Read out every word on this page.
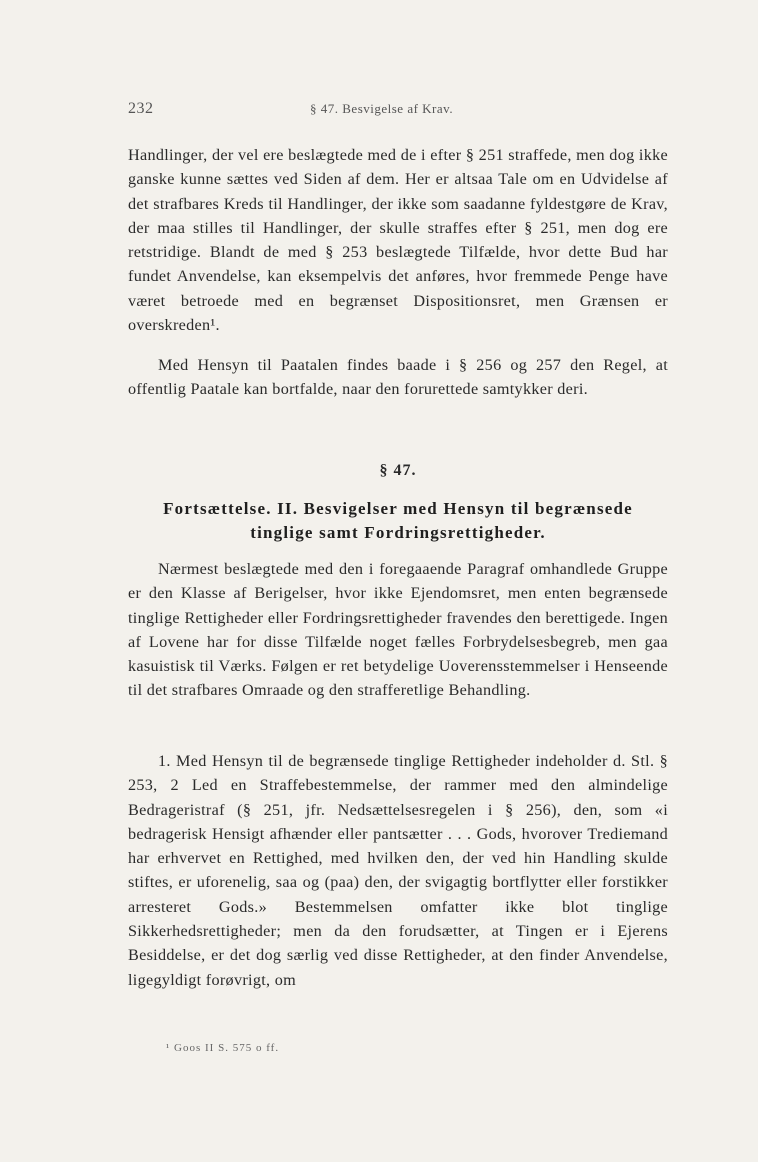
232	§ 47. Besvigelse af Krav.

Handlinger, der vel ere beslægtede med de i efter § 251 straffede, men dog ikke ganske kunne sættes ved Siden af dem. Her er altsaa Tale om en Udvidelse af det strafbares Kreds til Handlinger, der ikke som saadanne fyldestgøre de Krav, der maa stilles til Handlinger, der skulle straffes efter § 251, men dog ere retstridige. Blandt de med § 253 beslægtede Tilfælde, hvor dette Bud har fundet Anvendelse, kan eksempelvis det anføres, hvor fremmede Penge have været betroede med en begrænset Dispositionsret, men Grænsen er overskreden¹.

Med Hensyn til Paatalen findes baade i § 256 og 257 den Regel, at offentlig Paatale kan bortfalde, naar den forurettede samtykker deri.

§ 47.
Fortsættelse. II. Besvigelser med Hensyn til begrænsede
tinglige samt Fordringsrettigheder.

Nærmest beslægtede med den i foregaaende Paragraf omhandlede Gruppe er den Klasse af Berigelser, hvor ikke Ejendomsret, men enten begrænsede tinglige Rettigheder eller Fordringsrettigheder fravendes den berettigede. Ingen af Lovene har for disse Tilfælde noget fælles Forbrydelsesbegreb, men gaa kasuistisk til Værks. Følgen er ret betydelige Uoverensstemmelser i Henseende til det strafbares Omraade og den strafferetlige Behandling.

1. Med Hensyn til de begrænsede tinglige Rettigheder indeholder d. Stl. § 253, 2 Led en Straffebestemmelse, der rammer med den almindelige Bedrageristraf (§ 251, jfr. Nedsættelsesregelen i § 256), den, som «i bedragerisk Hensigt afhænder eller pantsætter . . . Gods, hvorover Trediemand har erhvervet en Rettighed, med hvilken den, der ved hin Handling skulde stiftes, er uforenelig, saa og (paa) den, der svigagtig bortflytter eller forstikker arresteret Gods.» Bestemmelsen omfatter ikke blot tinglige Sikkerhedsrettigheder; men da den forudsætter, at Tingen er i Ejerens Besiddelse, er det dog særlig ved disse Rettigheder, at den finder Anvendelse, ligegyldigt forøvrigt, om

¹ Goos II S. 575 o ff.
